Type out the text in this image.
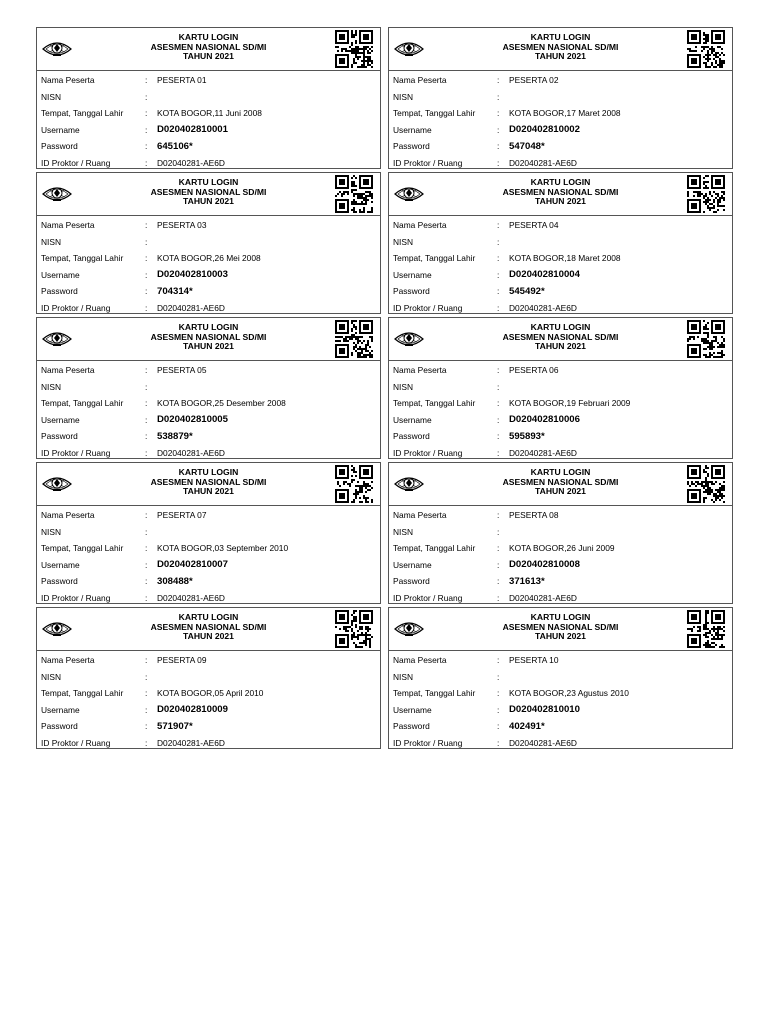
KARTU LOGIN
ASESMEN NASIONAL SD/MI
TAHUN 2021
Nama Peserta	:	PESERTA 01
NISN	:
Tempat, Tanggal Lahir	:	KOTA BOGOR,11 Juni 2008
Username	:	D020402810001
Password	:	645106*
ID Proktor / Ruang	:	D02040281-AE6D
KARTU LOGIN
ASESMEN NASIONAL SD/MI
TAHUN 2021
Nama Peserta	:	PESERTA 02
NISN	:
Tempat, Tanggal Lahir	:	KOTA BOGOR,17 Maret 2008
Username	:	D020402810002
Password	:	547048*
ID Proktor / Ruang	:	D02040281-AE6D
KARTU LOGIN
ASESMEN NASIONAL SD/MI
TAHUN 2021
Nama Peserta	:	PESERTA 03
NISN	:
Tempat, Tanggal Lahir	:	KOTA BOGOR,26 Mei 2008
Username	:	D020402810003
Password	:	704314*
ID Proktor / Ruang	:	D02040281-AE6D
KARTU LOGIN
ASESMEN NASIONAL SD/MI
TAHUN 2021
Nama Peserta	:	PESERTA 04
NISN	:
Tempat, Tanggal Lahir	:	KOTA BOGOR,18 Maret 2008
Username	:	D020402810004
Password	:	545492*
ID Proktor / Ruang	:	D02040281-AE6D
KARTU LOGIN
ASESMEN NASIONAL SD/MI
TAHUN 2021
Nama Peserta	:	PESERTA 05
NISN	:
Tempat, Tanggal Lahir	:	KOTA BOGOR,25 Desember 2008
Username	:	D020402810005
Password	:	538879*
ID Proktor / Ruang	:	D02040281-AE6D
KARTU LOGIN
ASESMEN NASIONAL SD/MI
TAHUN 2021
Nama Peserta	:	PESERTA 06
NISN	:
Tempat, Tanggal Lahir	:	KOTA BOGOR,19 Februari 2009
Username	:	D020402810006
Password	:	595893*
ID Proktor / Ruang	:	D02040281-AE6D
KARTU LOGIN
ASESMEN NASIONAL SD/MI
TAHUN 2021
Nama Peserta	:	PESERTA 07
NISN	:
Tempat, Tanggal Lahir	:	KOTA BOGOR,03 September 2010
Username	:	D020402810007
Password	:	308488*
ID Proktor / Ruang	:	D02040281-AE6D
KARTU LOGIN
ASESMEN NASIONAL SD/MI
TAHUN 2021
Nama Peserta	:	PESERTA 08
NISN	:
Tempat, Tanggal Lahir	:	KOTA BOGOR,26 Juni 2009
Username	:	D020402810008
Password	:	371613*
ID Proktor / Ruang	:	D02040281-AE6D
KARTU LOGIN
ASESMEN NASIONAL SD/MI
TAHUN 2021
Nama Peserta	:	PESERTA 09
NISN	:
Tempat, Tanggal Lahir	:	KOTA BOGOR,05 April 2010
Username	:	D020402810009
Password	:	571907*
ID Proktor / Ruang	:	D02040281-AE6D
KARTU LOGIN
ASESMEN NASIONAL SD/MI
TAHUN 2021
Nama Peserta	:	PESERTA 10
NISN	:
Tempat, Tanggal Lahir	:	KOTA BOGOR,23 Agustus 2010
Username	:	D020402810010
Password	:	402491*
ID Proktor / Ruang	:	D02040281-AE6D
